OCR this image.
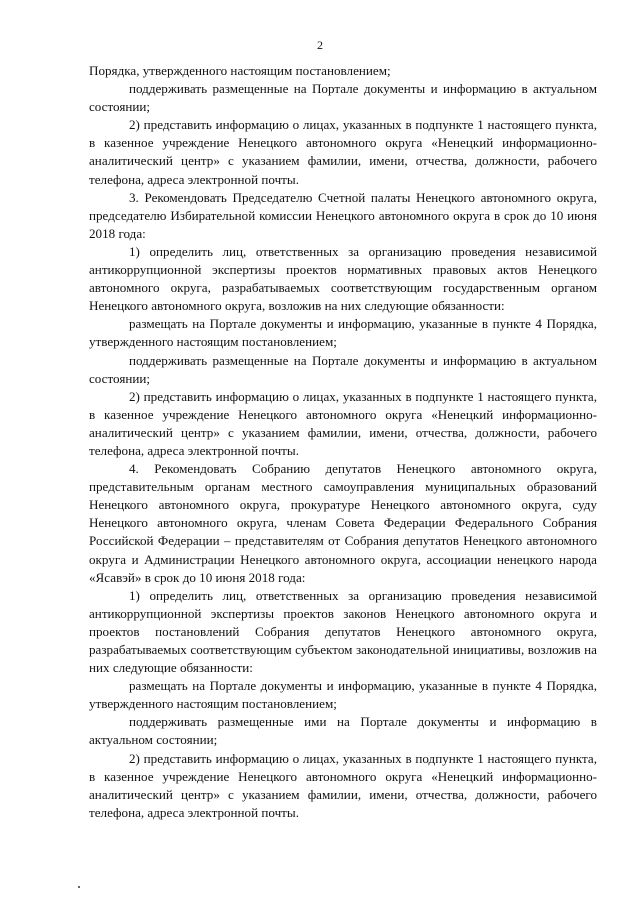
2

Порядка, утвержденного настоящим постановлением;

поддерживать размещенные на Портале документы и информацию в актуальном состоянии;

2) представить информацию о лицах, указанных в подпункте 1 настоящего пункта, в казенное учреждение Ненецкого автономного округа «Ненецкий информационно-аналитический центр» с указанием фамилии, имени, отчества, должности, рабочего телефона, адреса электронной почты.

3. Рекомендовать Председателю Счетной палаты Ненецкого автономного округа, председателю Избирательной комиссии Ненецкого автономного округа в срок до 10 июня 2018 года:

1) определить лиц, ответственных за организацию проведения независимой антикоррупционной экспертизы проектов нормативных правовых актов Ненецкого автономного округа, разрабатываемых соответствующим государственным органом Ненецкого автономного округа, возложив на них следующие обязанности:

размещать на Портале документы и информацию, указанные в пункте 4 Порядка, утвержденного настоящим постановлением;

поддерживать размещенные на Портале документы и информацию в актуальном состоянии;

2) представить информацию о лицах, указанных в подпункте 1 настоящего пункта, в казенное учреждение Ненецкого автономного округа «Ненецкий информационно-аналитический центр» с указанием фамилии, имени, отчества, должности, рабочего телефона, адреса электронной почты.

4. Рекомендовать Собранию депутатов Ненецкого автономного округа, представительным органам местного самоуправления муниципальных образований Ненецкого автономного округа, прокуратуре Ненецкого автономного округа, суду Ненецкого автономного округа, членам Совета Федерации Федерального Собрания Российской Федерации – представителям от Собрания депутатов Ненецкого автономного округа и Администрации Ненецкого автономного округа, ассоциации ненецкого народа «Ясавэй» в срок до 10 июня 2018 года:

1) определить лиц, ответственных за организацию проведения независимой антикоррупционной экспертизы проектов законов Ненецкого автономного округа и проектов постановлений Собрания депутатов Ненецкого автономного округа, разрабатываемых соответствующим субъектом законодательной инициативы, возложив на них следующие обязанности:

размещать на Портале документы и информацию, указанные в пункте 4 Порядка, утвержденного настоящим постановлением;

поддерживать размещенные ими на Портале документы и информацию в актуальном состоянии;

2) представить информацию о лицах, указанных в подпункте 1 настоящего пункта, в казенное учреждение Ненецкого автономного округа «Ненецкий информационно-аналитический центр» с указанием фамилии, имени, отчества, должности, рабочего телефона, адреса электронной почты.
